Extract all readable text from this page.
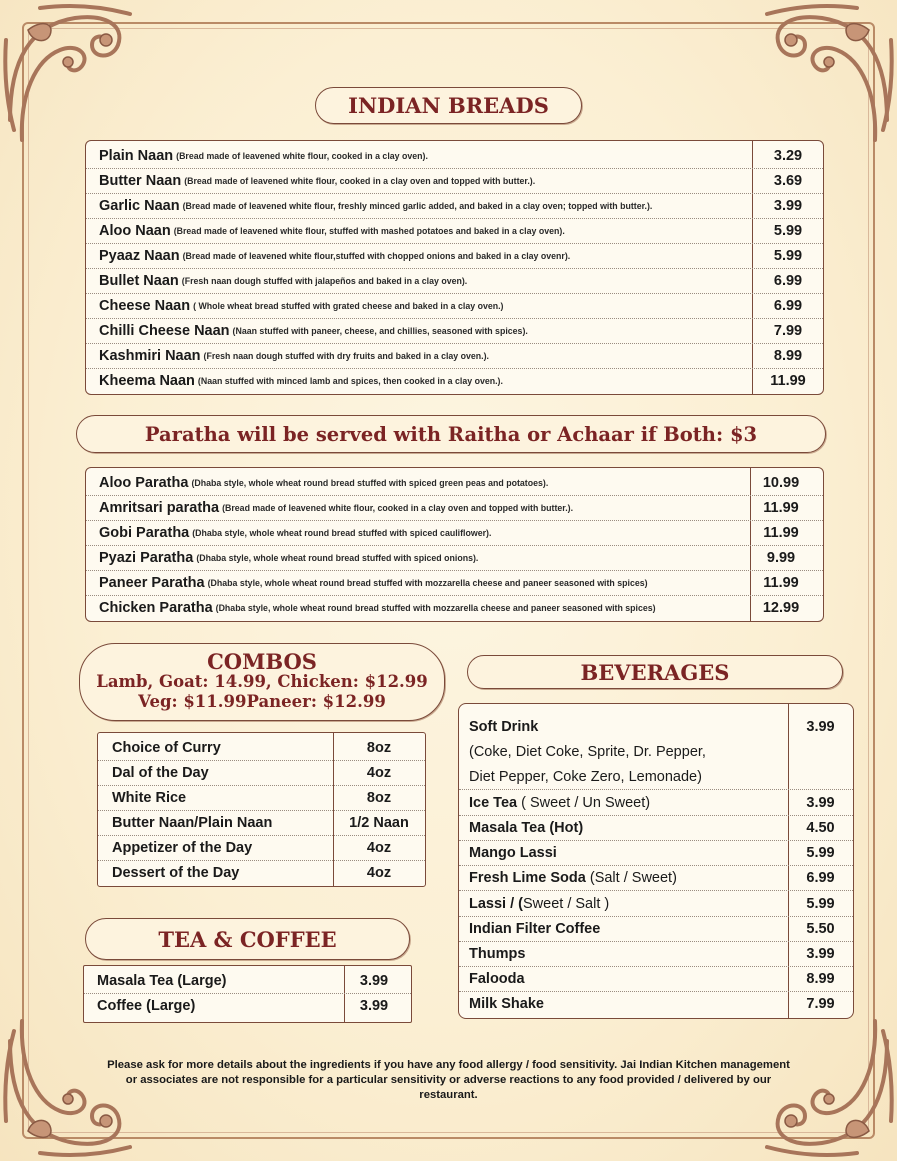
INDIAN BREADS
Plain Naan (Bread made of leavened white flour, cooked in a clay oven).	3.29
Butter Naan (Bread made of leavened white flour, cooked in a clay oven and topped with butter.).	3.69
Garlic Naan (Bread made of leavened white flour, freshly minced garlic added, and baked in a clay oven; topped with butter.).	3.99
Aloo Naan (Bread made of leavened white flour, stuffed with mashed potatoes and baked in a clay oven).	5.99
Pyaaz Naan (Bread made of leavened white flour,stuffed with chopped onions and baked in a clay ovenr).	5.99
Bullet Naan (Fresh naan dough stuffed with jalapeños and baked in a clay oven).	6.99
Cheese Naan ( Whole wheat bread stuffed with grated cheese and baked in a clay oven.)	6.99
Chilli Cheese Naan (Naan stuffed with paneer, cheese, and chillies, seasoned with spices).	7.99
Kashmiri Naan (Fresh naan dough stuffed with dry fruits and baked in a clay oven.).	8.99
Kheema Naan (Naan stuffed with minced lamb and spices, then cooked in a clay oven.).	11.99
Paratha will be served with Raitha or Achaar if Both: $3
Aloo Paratha (Dhaba style, whole wheat round bread stuffed with spiced green peas and potatoes).	10.99
Amritsari paratha (Bread made of leavened white flour, cooked in a clay oven and topped with butter.).	11.99
Gobi Paratha (Dhaba style, whole wheat round bread stuffed with spiced cauliflower).	11.99
Pyazi Paratha (Dhaba style, whole wheat round bread stuffed with spiced onions).	9.99
Paneer Paratha (Dhaba style, whole wheat round bread stuffed with mozzarella cheese and paneer seasoned with spices)	11.99
Chicken Paratha (Dhaba style, whole wheat round bread stuffed with mozzarella cheese and paneer seasoned with spices)	12.99
COMBOS
Lamb, Goat: 14.99, Chicken: $12.99
Veg: $11.99Paneer: $12.99
Choice of Curry	8oz
Dal of the Day	4oz
White Rice	8oz
Butter Naan/Plain Naan	1/2 Naan
Appetizer of the Day	4oz
Dessert of the Day	4oz
TEA & COFFEE
Masala Tea (Large)	3.99
Coffee (Large)	3.99
BEVERAGES
Soft Drink	3.99
(Coke, Diet Coke, Sprite, Dr. Pepper,
Diet Pepper, Coke Zero, Lemonade)
Ice Tea ( Sweet / Un Sweet)	3.99
Masala Tea (Hot)	4.50
Mango Lassi	5.99
Fresh Lime Soda (Salt / Sweet)	6.99
Lassi / (Sweet / Salt )	5.99
Indian Filter Coffee	5.50
Thumps	3.99
Falooda	8.99
Milk Shake	7.99
Please ask for more details about the ingredients if you have any food allergy / food sensitivity. Jai Indian Kitchen management or associates are not responsible for a particular sensitivity or adverse reactions to any food provided / delivered by our restaurant.
